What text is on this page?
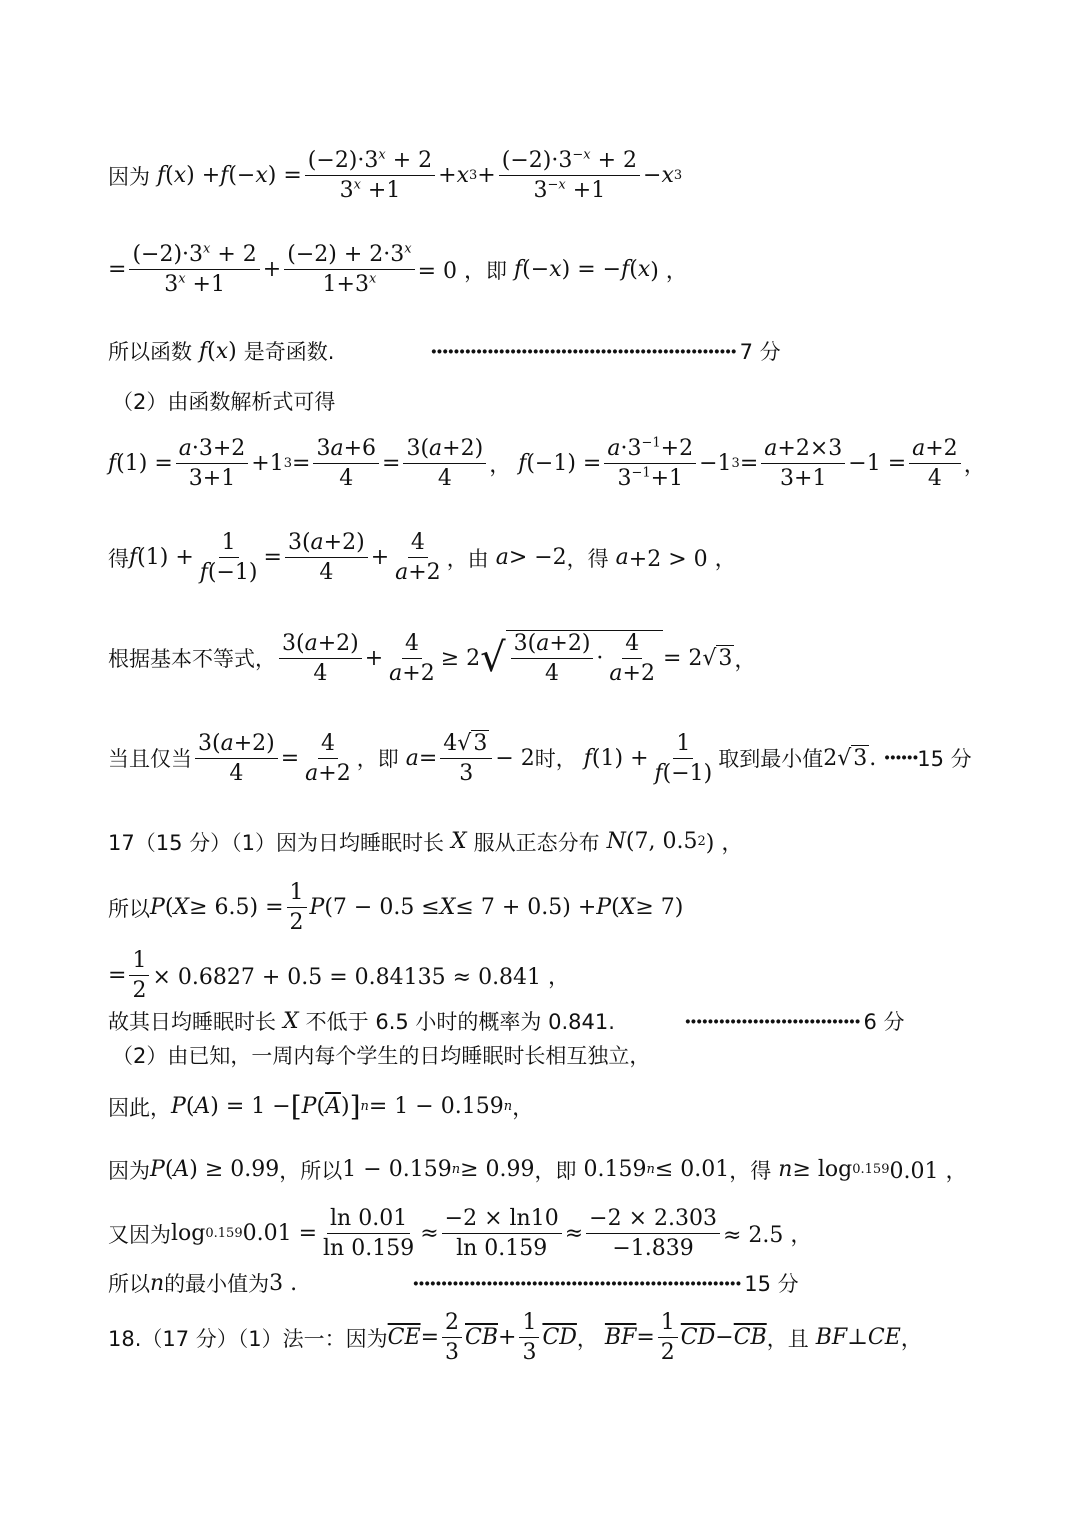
因为 f ( x ) + f (− x ) = $\frac{(-2)\cdot 3^x + 2}{3^x +1} + x$ $3 + \frac{(-2)\cdot 3^{-x} + 2}{3^{-x} +1} - x$ 3
= $\frac{(-2)\cdot 3^x + 2}{3^x +1} + \frac{(-2) + 2\cdot 3^x}{1+3^x} = 0$ ， 即
f (− x ) = − f ( x ) ，
所以函数
f ( x ) 是奇函数.	······················································ 7 分
（2）由函数解析式可得
f $(1) = \frac{a\cdot 3+2}{3+1} +1$ $3 = \frac{3a+6}{4} = \frac{3(a+2)}{4}$ ， f $(-1) = \frac{a\cdot 3^{-1}+2}{3^{-1}+1} -1$ $3 = \frac{a+2\times 3}{3+1} -1 = \frac{a+2}{4}$ ，
得 f $(1) + \frac{1}{f(-1)} = \frac{3(a+2)}{4} + \frac{4}{a+2}$ ，由
a > −2 ，得
a +2 > 0 ，
根据基本不等式， $\frac{3(a+2)}{4} + \frac{4}{a+2} \ge 2$ √ $\frac{3(a+2)}{4} \cdot \frac{4}{a+2} = 2√$ 3 ，
当且仅当 $\frac{3(a+2)}{4} = \frac{4}{a+2}$ ，即
$a = \frac{4√3}{3} - 2$ 时，
f $(1) + \frac{1}{f(-1)}$ 取到最小值 2√ 3 . ······ 15 分
17（15 分）（1）因为日均睡眠时长
X
服从正态分布
N (7, 0.5 2 ) ，
所以 P ( $X \ge 6.5) = \frac{1}{2}$ P (7 − 0.5 ≤ X ≤ 7 + 0.5) + P ( X ≥ 7)
= $\frac{1}{2} \times 0.6827 + 0.5 = 0.84135 \approx 0.841$ ，
故其日均睡眠时长
X
不低于 6.5 小时的概率为 0.841.	······························· 6 分
（2）由已知，一周内每个学生的日均睡眠时长相互独立，
因此， P ( A ) = 1 − [ P ( $\overline{A}$ ) ] n = 1 − 0.159 n ，
因为 P ( A ) ≥ 0.99 ，所以 1 − 0.159 n ≥ 0.99 ，即 0.159 n ≤ 0.01 ，得
n ≥ log 0.159 0.01 ，
又因为 log 0.159 $0.01 = \frac{\ln 0.01}{\ln 0.159} \approx \frac{-2 \times \ln 10}{\ln 0.159} \approx \frac{-2 \times 2.303}{-1.839} \approx 2.5$ ，
所以 n 的最小值为 3 .	·························································· 15 分
18.（17 分）（1）法一：因为 $\overline{CE} = \frac{2}{3} \overline{CB} + \frac{1}{3} \overline{CD}$ ，
$\overline{BF} = \frac{1}{2} \overline{CD} - \overline{CB}$ ，且
BF ⊥ CE ，
